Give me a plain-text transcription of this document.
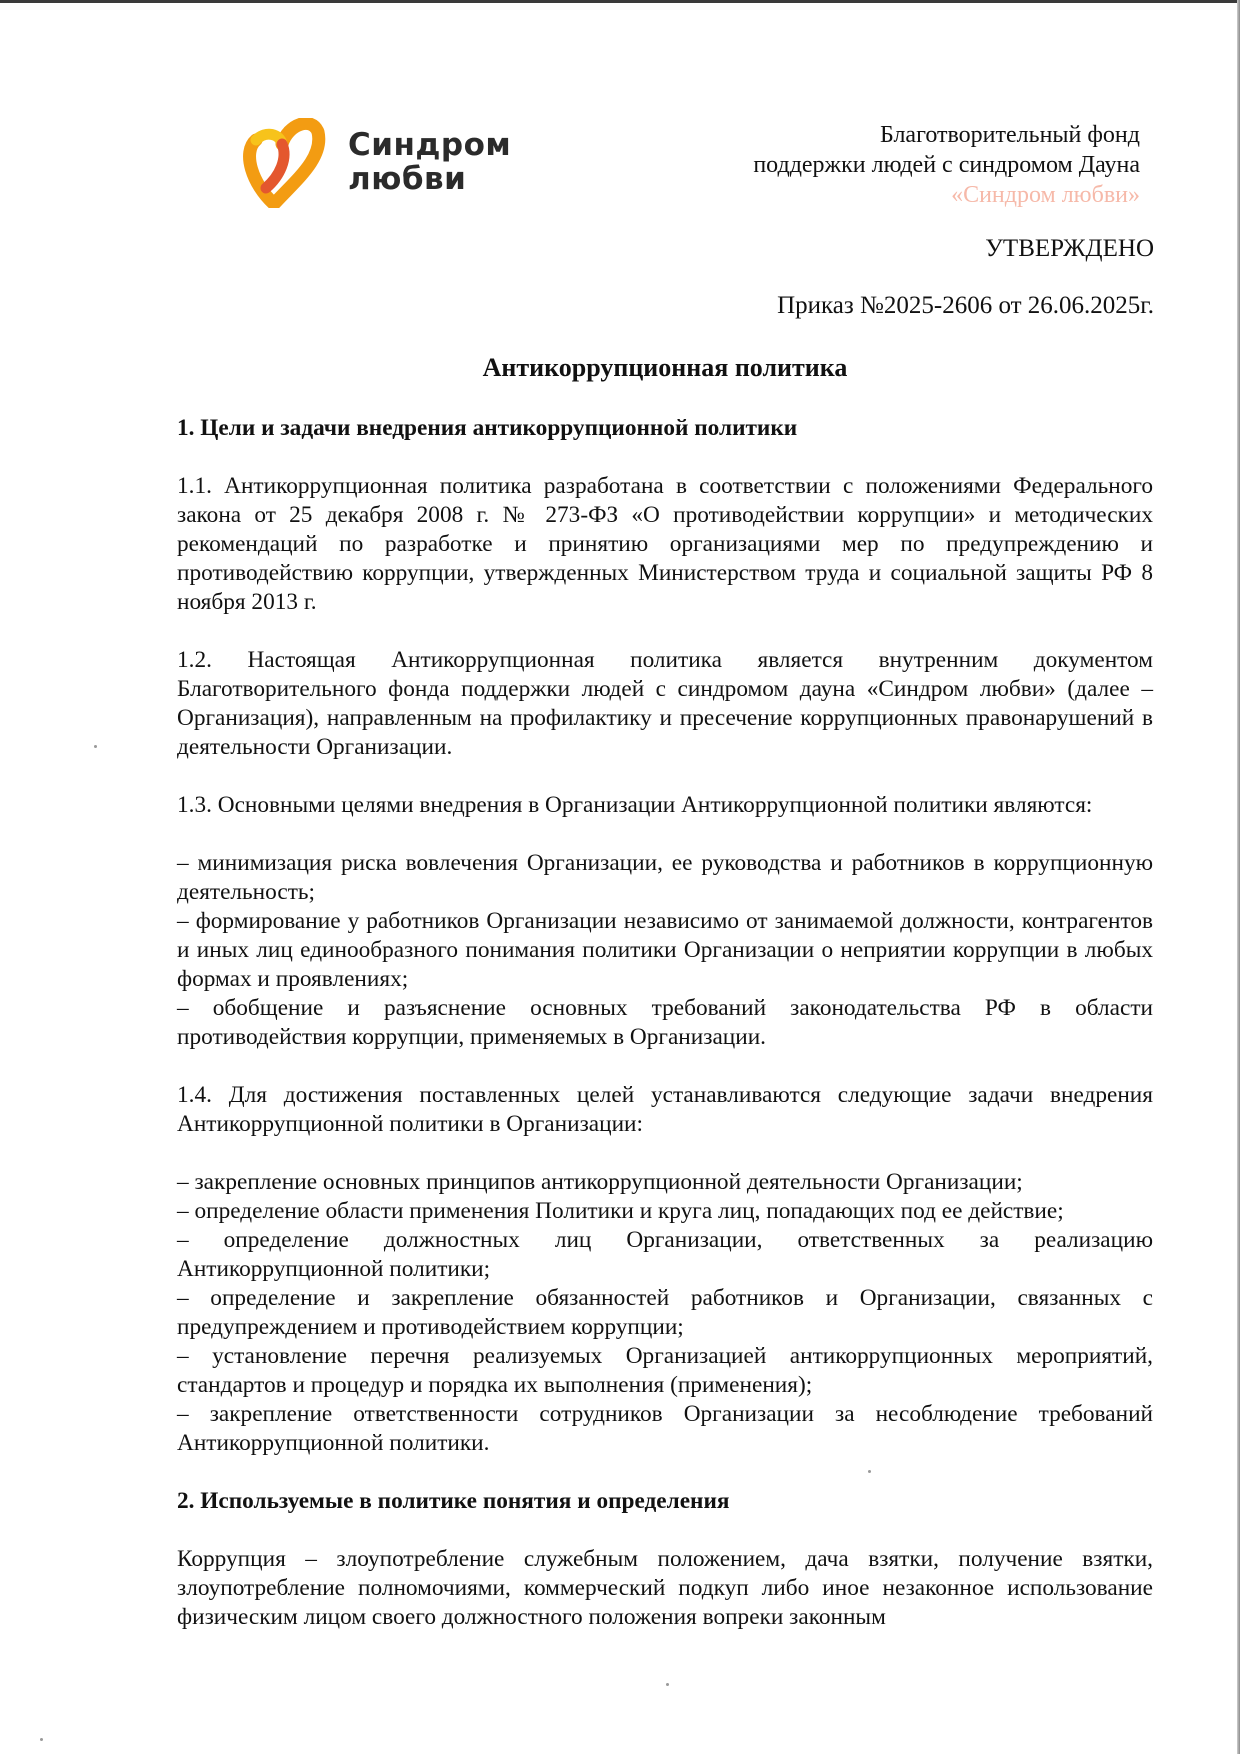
Синдром
любви
Благотворительный фонд
поддержки людей с синдромом Дауна
«Синдром любви»
УТВЕРЖДЕНО
Приказ №2025-2606 от 26.06.2025г.
Антикоррупционная политика

1. Цели и задачи внедрения антикоррупционной политики

1.1. Антикоррупционная политика разработана в соответствии с положениями Федерального закона от 25 декабря 2008 г. № 273-ФЗ «О противодействии коррупции» и методических рекомендаций по разработке и принятию организациями мер по предупреждению и противодействию коррупции, утвержденных Министерством труда и социальной защиты РФ 8 ноября 2013 г.

1.2. Настоящая Антикоррупционная политика является внутренним документом Благотворительного фонда поддержки людей с синдромом дауна «Синдром любви» (далее – Организация), направленным на профилактику и пресечение коррупционных правонарушений в деятельности Организации.

1.3. Основными целями внедрения в Организации Антикоррупционной политики являются:

– минимизация риска вовлечения Организации, ее руководства и работников в коррупционную деятельность;

– формирование у работников Организации независимо от занимаемой должности, контрагентов и иных лиц единообразного понимания политики Организации о неприятии коррупции в любых формах и проявлениях;

– обобщение и разъяснение основных требований законодательства РФ в области противодействия коррупции, применяемых в Организации.

1.4. Для достижения поставленных целей устанавливаются следующие задачи внедрения Антикоррупционной политики в Организации:

– закрепление основных принципов антикоррупционной деятельности Организации;

– определение области применения Политики и круга лиц, попадающих под ее действие;

– определение должностных лиц Организации, ответственных за реализацию Антикоррупционной политики;

– определение и закрепление обязанностей работников и Организации, связанных с предупреждением и противодействием коррупции;

– установление перечня реализуемых Организацией антикоррупционных мероприятий, стандартов и процедур и порядка их выполнения (применения);

– закрепление ответственности сотрудников Организации за несоблюдение требований Антикоррупционной политики.

2. Используемые в политике понятия и определения

Коррупция – злоупотребление служебным положением, дача взятки, получение взятки, злоупотребление полномочиями, коммерческий подкуп либо иное незаконное использование физическим лицом своего должностного положения вопреки законным
